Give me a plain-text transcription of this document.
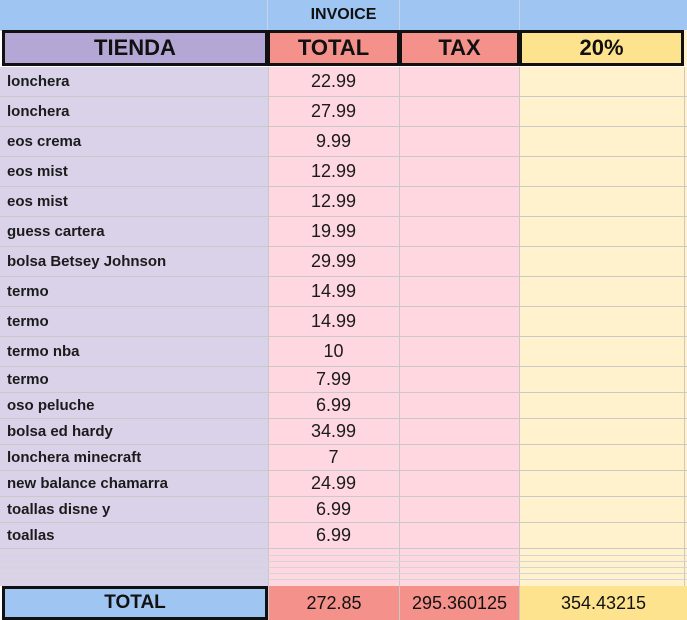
INVOICE
TIENDA	TOTAL	TAX	20%
lonchera	22.99
lonchera	27.99
eos crema	9.99
eos mist	12.99
eos mist	12.99
guess cartera	19.99
bolsa Betsey Johnson	29.99
termo	14.99
termo	14.99
termo nba	10
termo	7.99
oso peluche	6.99
bolsa ed hardy	34.99
lonchera minecraft	7
new balance chamarra	24.99
toallas disne y	6.99
toallas	6.99
TOTAL	272.85	295.360125	354.43215
